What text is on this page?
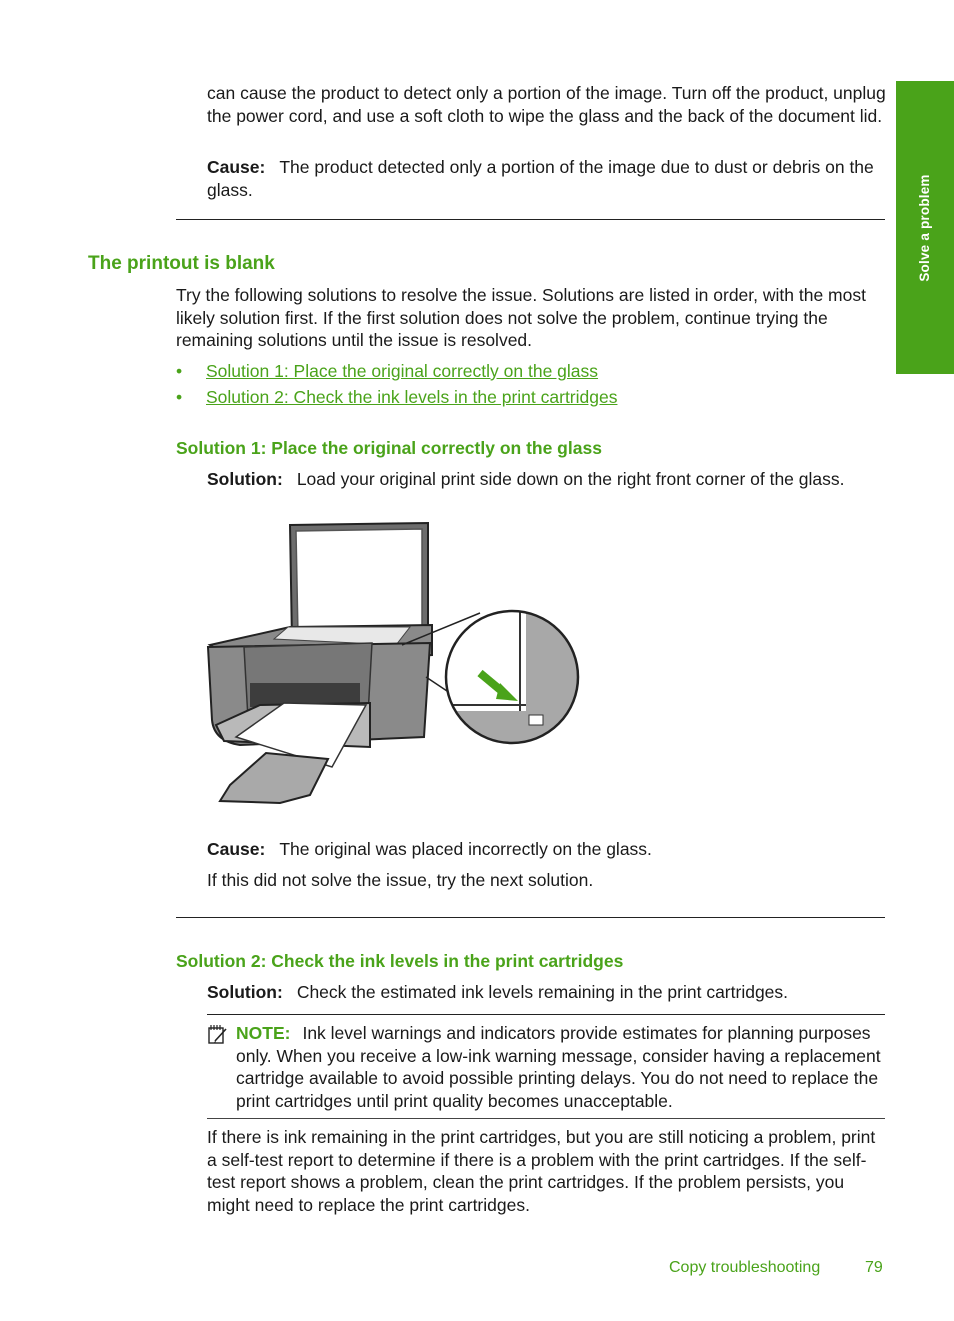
Solve a problem

can cause the product to detect only a portion of the image. Turn off the product, unplug the power cord, and use a soft cloth to wipe the glass and the back of the document lid.

Cause: The product detected only a portion of the image due to dust or debris on the glass.

The printout is blank

Try the following solutions to resolve the issue. Solutions are listed in order, with the most likely solution first. If the first solution does not solve the problem, continue trying the remaining solutions until the issue is resolved.

• Solution 1: Place the original correctly on the glass
• Solution 2: Check the ink levels in the print cartridges
Solution 1: Place the original correctly on the glass

Solution: Load your original print side down on the right front corner of the glass.

Cause: The original was placed incorrectly on the glass.

If this did not solve the issue, try the next solution.

Solution 2: Check the ink levels in the print cartridges

Solution: Check the estimated ink levels remaining in the print cartridges.

NOTE: Ink level warnings and indicators provide estimates for planning purposes only. When you receive a low-ink warning message, consider having a replacement cartridge available to avoid possible printing delays. You do not need to replace the print cartridges until print quality becomes unacceptable.

If there is ink remaining in the print cartridges, but you are still noticing a problem, print a self-test report to determine if there is a problem with the print cartridges. If the self-test report shows a problem, clean the print cartridges. If the problem persists, you might need to replace the print cartridges.

Copy troubleshooting	79
